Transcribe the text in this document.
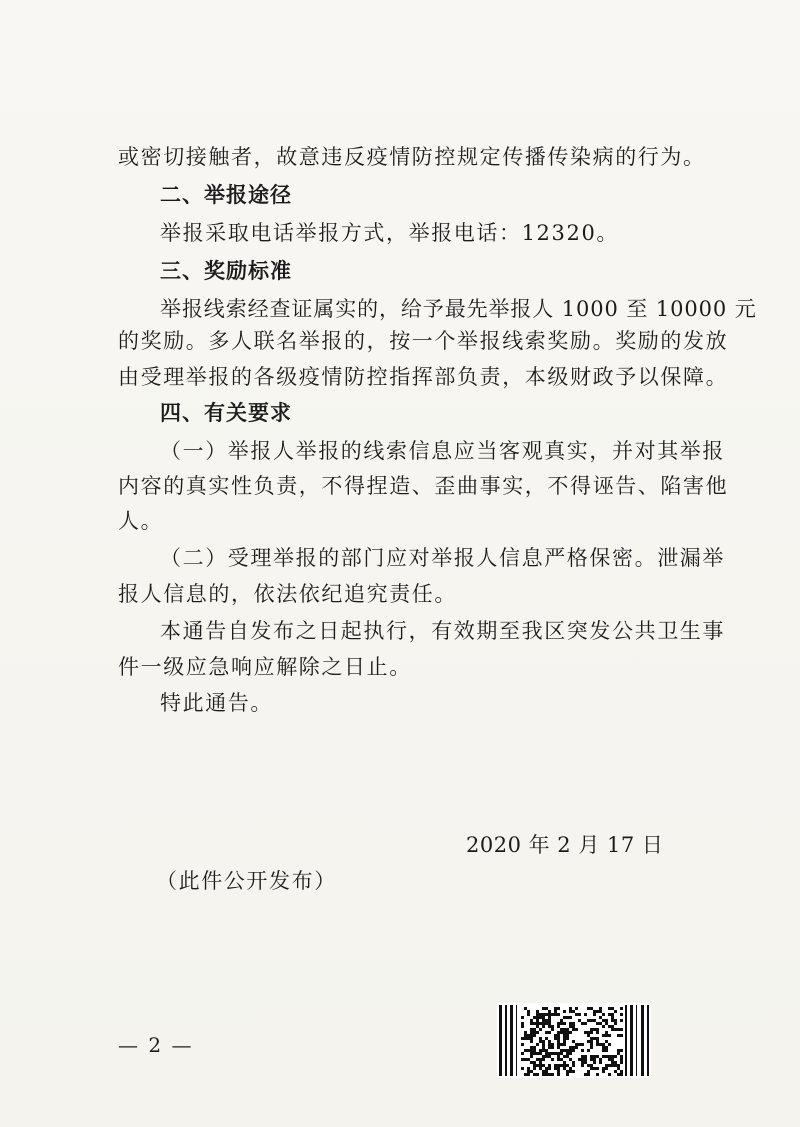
或密切接触者，故意违反疫情防控规定传播传染病的行为。
二、举报途径
举报采取电话举报方式，举报电话：12320。
三、奖励标准
举报线索经查证属实的，给予最先举报人 1000 至 10000 元
的奖励。多人联名举报的，按一个举报线索奖励。奖励的发放
由受理举报的各级疫情防控指挥部负责，本级财政予以保障。
四、有关要求
（一）举报人举报的线索信息应当客观真实，并对其举报
内容的真实性负责，不得捏造、歪曲事实，不得诬告、陷害他
人。
（二）受理举报的部门应对举报人信息严格保密。泄漏举
报人信息的，依法依纪追究责任。
本通告自发布之日起执行，有效期至我区突发公共卫生事
件一级应急响应解除之日止。
特此通告。
2020 年 2 月 17 日
（此件公开发布）
— 2 —
